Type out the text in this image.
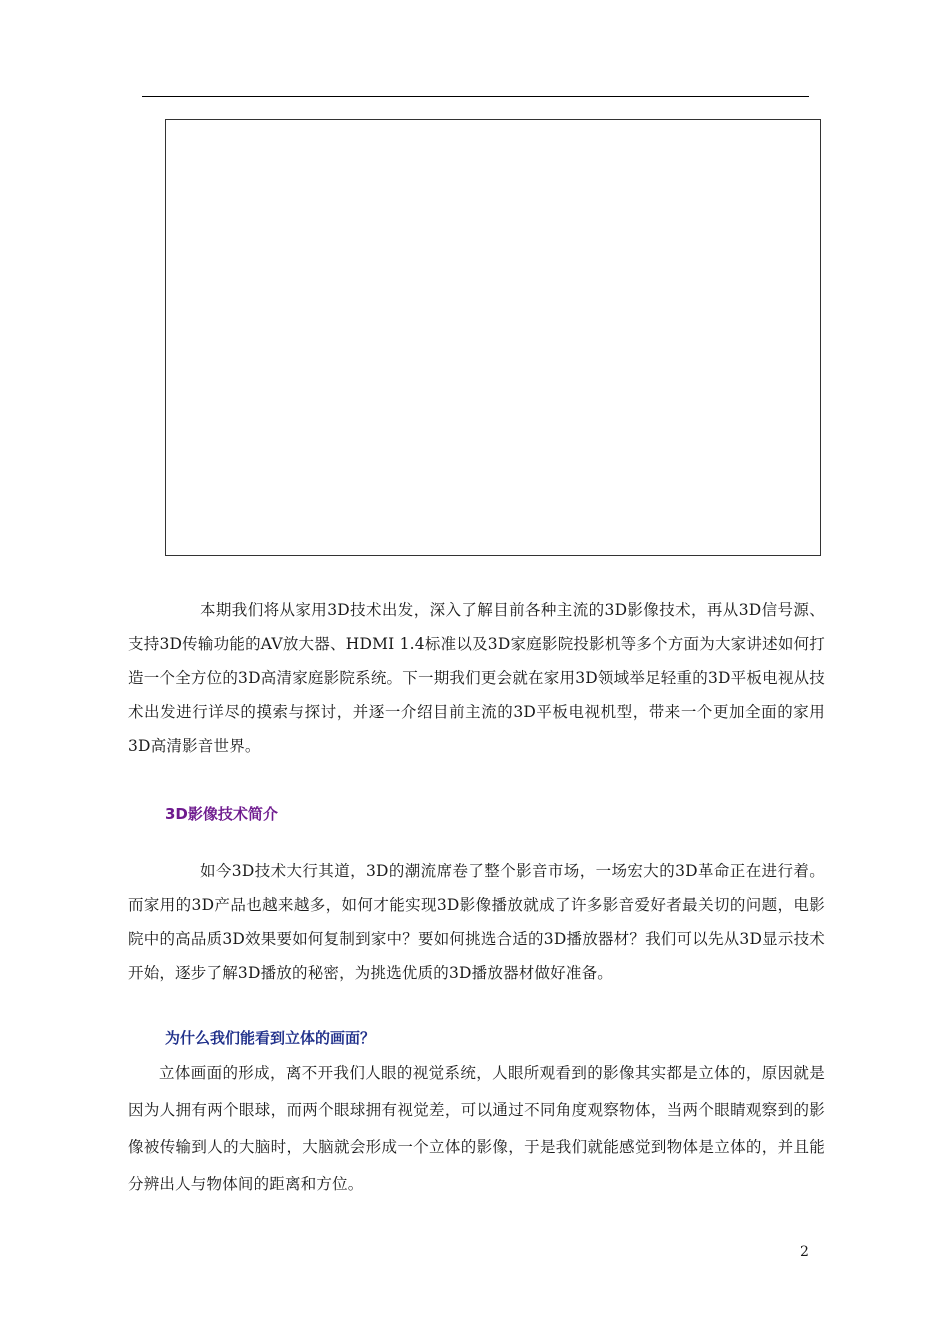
本期我们将从家用3D技术出发，深入了解目前各种主流的3D影像技术，再从3D信号源、支持3D传输功能的AV放大器、HDMI 1.4标准以及3D家庭影院投影机等多个方面为大家讲述如何打造一个全方位的3D高清家庭影院系统。下一期我们更会就在家用3D领域举足轻重的3D平板电视从技术出发进行详尽的摸索与探讨，并逐一介绍目前主流的3D平板电视机型，带来一个更加全面的家用3D高清影音世界。

3D影像技术简介

如今3D技术大行其道，3D的潮流席卷了整个影音市场，一场宏大的3D革命正在进行着。而家用的3D产品也越来越多，如何才能实现3D影像播放就成了许多影音爱好者最关切的问题，电影院中的高品质3D效果要如何复制到家中？要如何挑选合适的3D播放器材？我们可以先从3D显示技术开始，逐步了解3D播放的秘密，为挑选优质的3D播放器材做好准备。

为什么我们能看到立体的画面？

立体画面的形成，离不开我们人眼的视觉系统，人眼所观看到的影像其实都是立体的，原因就是因为人拥有两个眼球，而两个眼球拥有视觉差，可以通过不同角度观察物体，当两个眼睛观察到的影像被传输到人的大脑时，大脑就会形成一个立体的影像，于是我们就能感觉到物体是立体的，并且能分辨出人与物体间的距离和方位。

2
